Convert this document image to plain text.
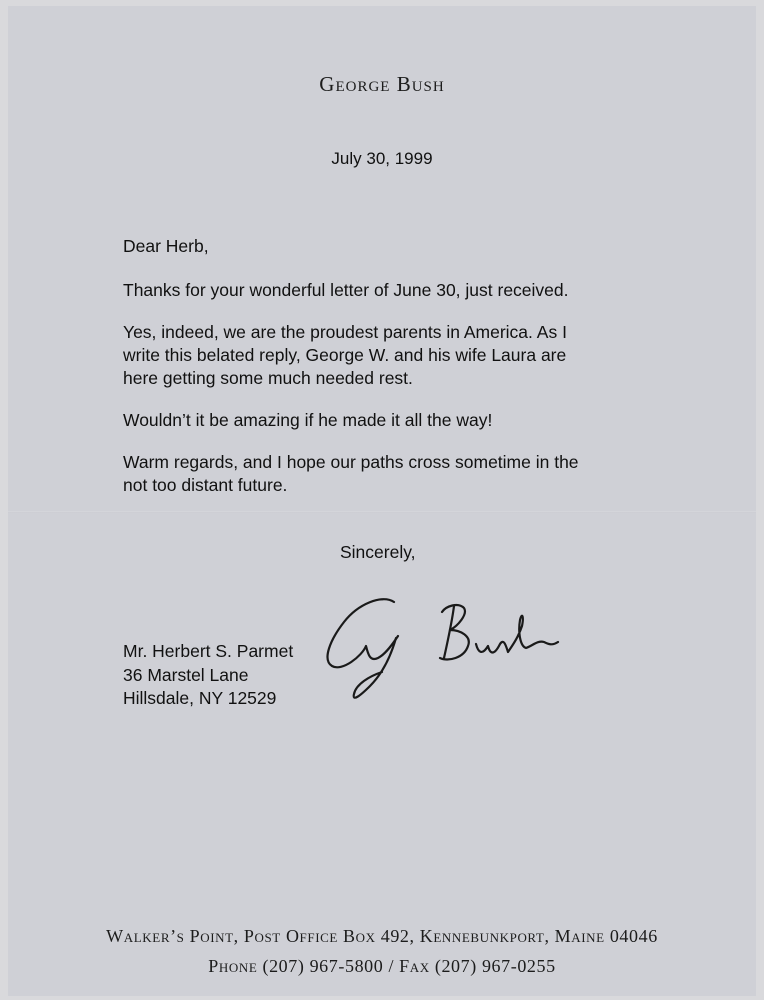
George Bush
July 30, 1999

Dear Herb,

Thanks for your wonderful letter of June 30, just received.

Yes, indeed, we are the proudest parents in America. As I
write this belated reply, George W. and his wife Laura are
here getting some much needed rest.

Wouldn’t it be amazing if he made it all the way!

Warm regards, and I hope our paths cross sometime in the
not too distant future.

Sincerely,
Mr. Herbert S. Parmet
36 Marstel Lane
Hillsdale, NY 12529
Walker’s Point, Post Office Box 492, Kennebunkport, Maine 04046
Phone (207) 967-5800 / Fax (207) 967-0255
